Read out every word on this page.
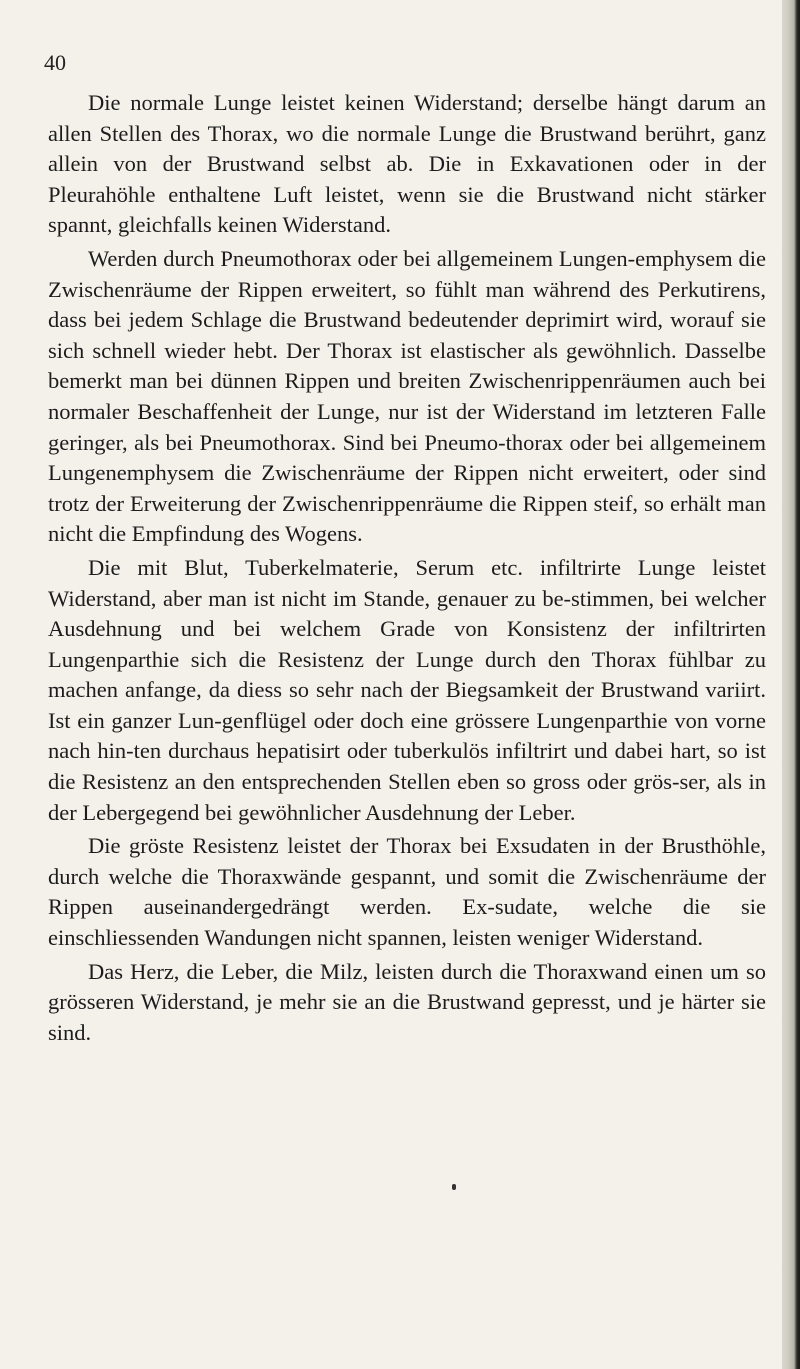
40

Die normale Lunge leistet keinen Widerstand; derselbe hängt darum an allen Stellen des Thorax, wo die normale Lunge die Brustwand berührt, ganz allein von der Brustwand selbst ab. Die in Exkavationen oder in der Pleurahöhle enthaltene Luft leistet, wenn sie die Brustwand nicht stärker spannt, gleichfalls keinen Widerstand.

Werden durch Pneumothorax oder bei allgemeinem Lungen-emphysem die Zwischenräume der Rippen erweitert, so fühlt man während des Perkutirens, dass bei jedem Schlage die Brustwand bedeutender deprimirt wird, worauf sie sich schnell wieder hebt. Der Thorax ist elastischer als gewöhnlich. Dasselbe bemerkt man bei dünnen Rippen und breiten Zwischenrippenräumen auch bei normaler Beschaffenheit der Lunge, nur ist der Widerstand im letzteren Falle geringer, als bei Pneumothorax. Sind bei Pneumo-thorax oder bei allgemeinem Lungenemphysem die Zwischenräume der Rippen nicht erweitert, oder sind trotz der Erweiterung der Zwischenrippenräume die Rippen steif, so erhält man nicht die Empfindung des Wogens.

Die mit Blut, Tuberkelmaterie, Serum etc. infiltrirte Lunge leistet Widerstand, aber man ist nicht im Stande, genauer zu be-stimmen, bei welcher Ausdehnung und bei welchem Grade von Konsistenz der infiltrirten Lungenparthie sich die Resistenz der Lunge durch den Thorax fühlbar zu machen anfange, da diess so sehr nach der Biegsamkeit der Brustwand variirt. Ist ein ganzer Lun-genflügel oder doch eine grössere Lungenparthie von vorne nach hin-ten durchaus hepatisirt oder tuberkulös infiltrirt und dabei hart, so ist die Resistenz an den entsprechenden Stellen eben so gross oder grös-ser, als in der Lebergegend bei gewöhnlicher Ausdehnung der Leber.

Die gröste Resistenz leistet der Thorax bei Exsudaten in der Brusthöhle, durch welche die Thoraxwände gespannt, und somit die Zwischenräume der Rippen auseinandergedrängt werden. Ex-sudate, welche die sie einschliessenden Wandungen nicht spannen, leisten weniger Widerstand.

Das Herz, die Leber, die Milz, leisten durch die Thoraxwand einen um so grösseren Widerstand, je mehr sie an die Brustwand gepresst, und je härter sie sind.
